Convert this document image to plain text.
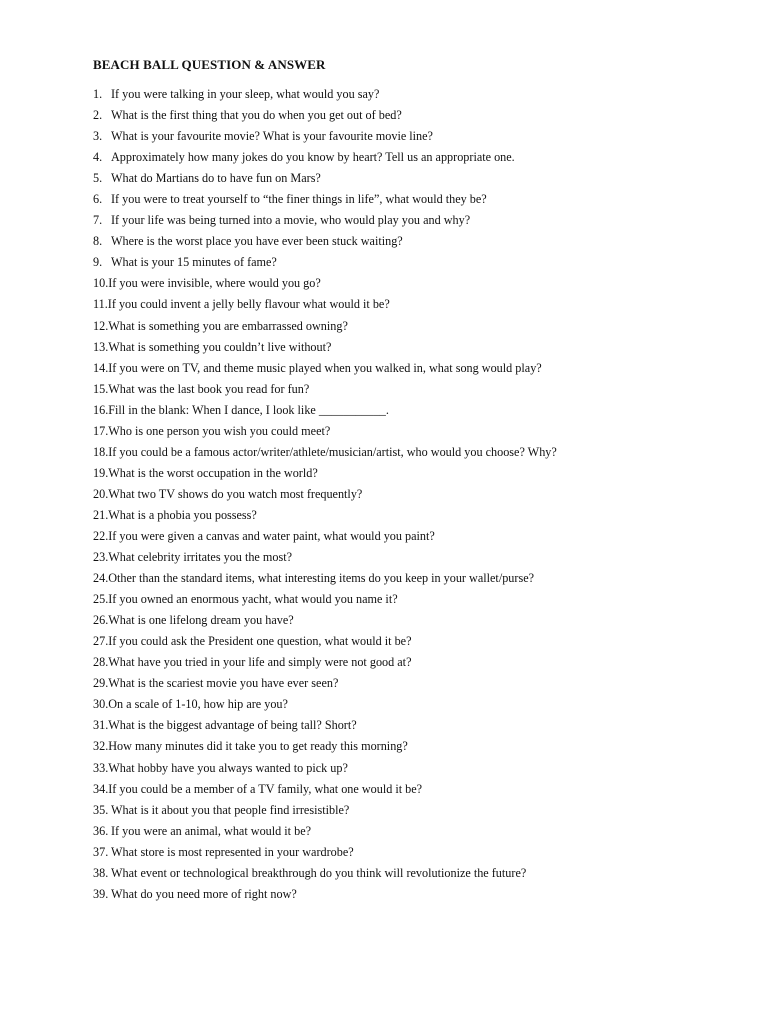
BEACH BALL QUESTION & ANSWER
1. If you were talking in your sleep, what would you say?
2. What is the first thing that you do when you get out of bed?
3. What is your favourite movie? What is your favourite movie line?
4. Approximately how many jokes do you know by heart? Tell us an appropriate one.
5. What do Martians do to have fun on Mars?
6. If you were to treat yourself to “the finer things in life”, what would they be?
7. If your life was being turned into a movie, who would play you and why?
8. Where is the worst place you have ever been stuck waiting?
9. What is your 15 minutes of fame?
10. If you were invisible, where would you go?
11. If you could invent a jelly belly flavour what would it be?
12. What is something you are embarrassed owning?
13. What is something you couldn’t live without?
14. If you were on TV, and theme music played when you walked in, what song would play?
15. What was the last book you read for fun?
16. Fill in the blank: When I dance, I look like ___________.
17. Who is one person you wish you could meet?
18. If you could be a famous actor/writer/athlete/musician/artist, who would you choose? Why?
19. What is the worst occupation in the world?
20. What two TV shows do you watch most frequently?
21. What is a phobia you possess?
22. If you were given a canvas and water paint, what would you paint?
23. What celebrity irritates you the most?
24. Other than the standard items, what interesting items do you keep in your wallet/purse?
25. If you owned an enormous yacht, what would you name it?
26. What is one lifelong dream you have?
27. If you could ask the President one question, what would it be?
28. What have you tried in your life and simply were not good at?
29. What is the scariest movie you have ever seen?
30. On a scale of 1-10, how hip are you?
31. What is the biggest advantage of being tall? Short?
32. How many minutes did it take you to get ready this morning?
33. What hobby have you always wanted to pick up?
34. If you could be a member of a TV family, what one would it be?
35. What is it about you that people find irresistible?
36. If you were an animal, what would it be?
37. What store is most represented in your wardrobe?
38. What event or technological breakthrough do you think will revolutionize the future?
39. What do you need more of right now?
